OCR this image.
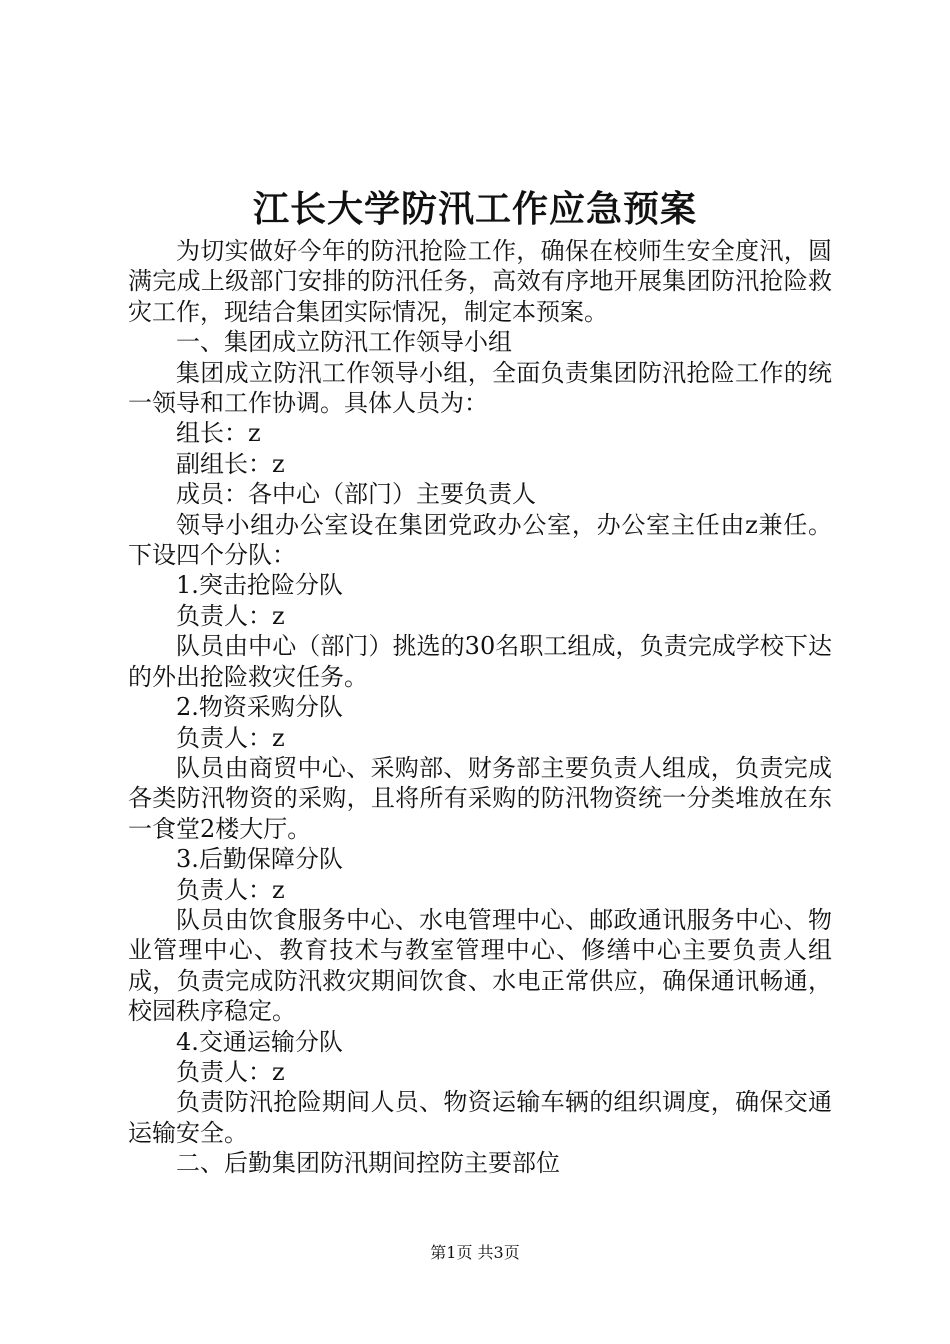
江长大学防汛工作应急预案

为切实做好今年的防汛抢险工作，确保在校师生安全度汛，圆满完成上级部门安排的防汛任务，高效有序地开展集团防汛抢险救灾工作，现结合集团实际情况，制定本预案。

一、集团成立防汛工作领导小组

集团成立防汛工作领导小组，全面负责集团防汛抢险工作的统一领导和工作协调。具体人员为：

组长：z

副组长：z

成员：各中心（部门）主要负责人

领导小组办公室设在集团党政办公室，办公室主任由z兼任。下设四个分队：

1.突击抢险分队

负责人：z

队员由中心（部门）挑选的30名职工组成，负责完成学校下达的外出抢险救灾任务。

2.物资采购分队

负责人：z

队员由商贸中心、采购部、财务部主要负责人组成，负责完成各类防汛物资的采购，且将所有采购的防汛物资统一分类堆放在东一食堂2楼大厅。

3.后勤保障分队

负责人：z

队员由饮食服务中心、水电管理中心、邮政通讯服务中心、物业管理中心、教育技术与教室管理中心、修缮中心主要负责人组成，负责完成防汛救灾期间饮食、水电正常供应，确保通讯畅通，校园秩序稳定。

4.交通运输分队

负责人：z

负责防汛抢险期间人员、物资运输车辆的组织调度，确保交通运输安全。

二、后勤集团防汛期间控防主要部位

第1页 共3页
